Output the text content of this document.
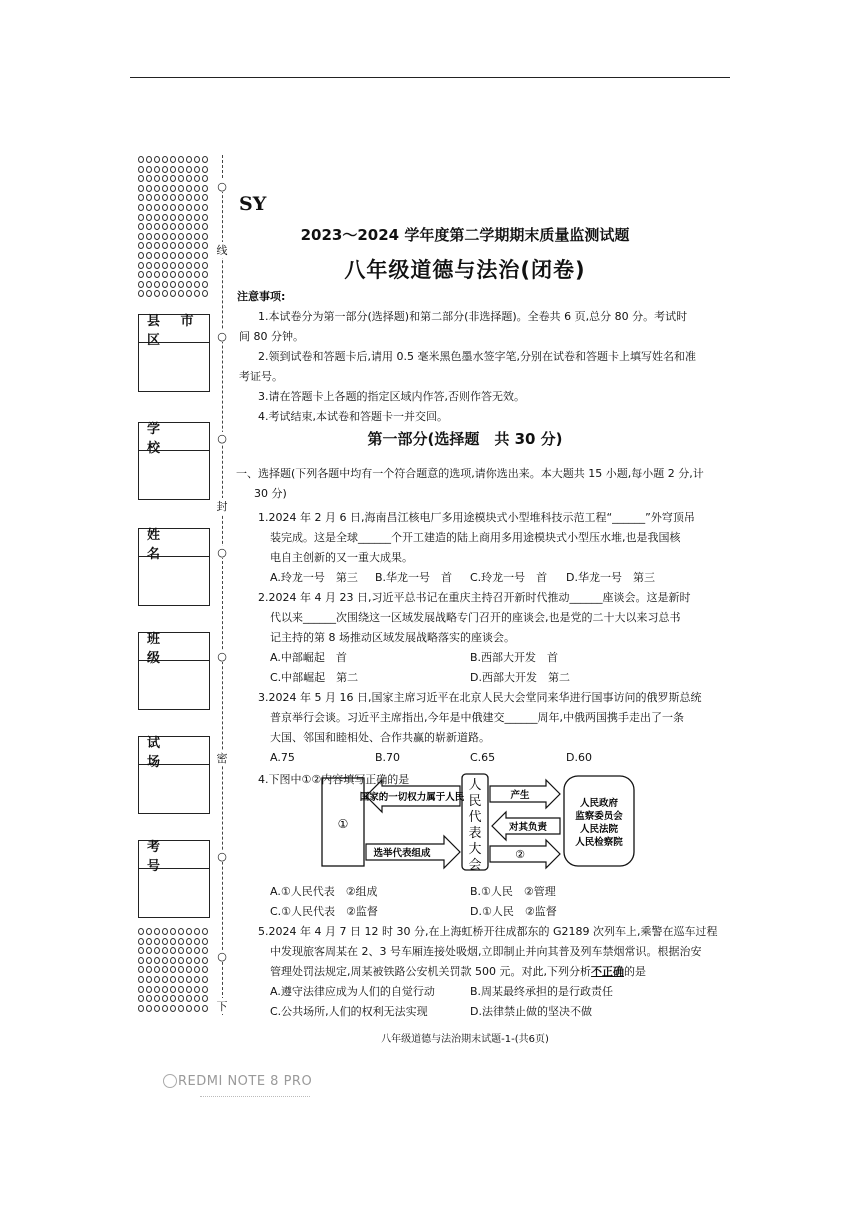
县 市 区
学　校
姓　名
班　级
试　场
考　号
○
线
○
○
封
○
○
密
○
○
下
SY
2023～2024 学年度第二学期期末质量监测试题
八年级道德与法治(闭卷)
注意事项:
1.本试卷分为第一部分(选择题)和第二部分(非选择题)。全卷共 6 页,总分 80 分。考试时
间 80 分钟。
2.领到试卷和答题卡后,请用 0.5 毫米黑色墨水签字笔,分别在试卷和答题卡上填写姓名和准
考证号。
3.请在答题卡上各题的指定区域内作答,否则作答无效。
4.考试结束,本试卷和答题卡一并交回。
第一部分(选择题　共 30 分)
一、选择题(下列各题中均有一个符合题意的选项,请你选出来。本大题共 15 小题,每小题 2 分,计
30 分)
1.2024 年 2 月 6 日,海南昌江核电厂多用途模块式小型堆科技示范工程“______”外穹顶吊
装完成。这是全球______个开工建造的陆上商用多用途模块式小型压水堆,也是我国核
电自主创新的又一重大成果。
A.玲龙一号　第三 B.华龙一号　首 C.玲龙一号　首 D.华龙一号　第三
2.2024 年 4 月 23 日,习近平总书记在重庆主持召开新时代推动______座谈会。这是新时
代以来______次围绕这一区域发展战略专门召开的座谈会,也是党的二十大以来习总书
记主持的第 8 场推动区域发展战略落实的座谈会。
A.中部崛起　首	B.西部大开发　首
C.中部崛起　第二	D.西部大开发　第二
3.2024 年 5 月 16 日,国家主席习近平在北京人民大会堂同来华进行国事访问的俄罗斯总统
普京举行会谈。习近平主席指出,今年是中俄建交______周年,中俄两国携手走出了一条
大国、邻国和睦相处、合作共赢的崭新道路。
A.75	B.70	C.65	D.60
4.下图中①②内容填写正确的是
①
国家的一切权力属于人民
选举代表组成
人
民
代
表
大
会
产生
对其负责
②
人民政府
监察委员会
人民法院
人民检察院
A.①人民代表　②组成	B.①人民　②管理
C.①人民代表　②监督	D.①人民　②监督
5.2024 年 4 月 7 日 12 时 30 分,在上海虹桥开往成都东的 G2189 次列车上,乘警在巡车过程
中发现旅客周某在 2、3 号车厢连接处吸烟,立即制止并向其普及列车禁烟常识。根据治安
管理处罚法规定,周某被铁路公安机关罚款 500 元。对此,下列分析不正确的是
A.遵守法律应成为人们的自觉行动	B.周某最终承担的是行政责任
C.公共场所,人们的权利无法实现	D.法律禁止做的坚决不做
八年级道德与法治期末试题-1-(共6页)
REDMI NOTE 8 PRO
